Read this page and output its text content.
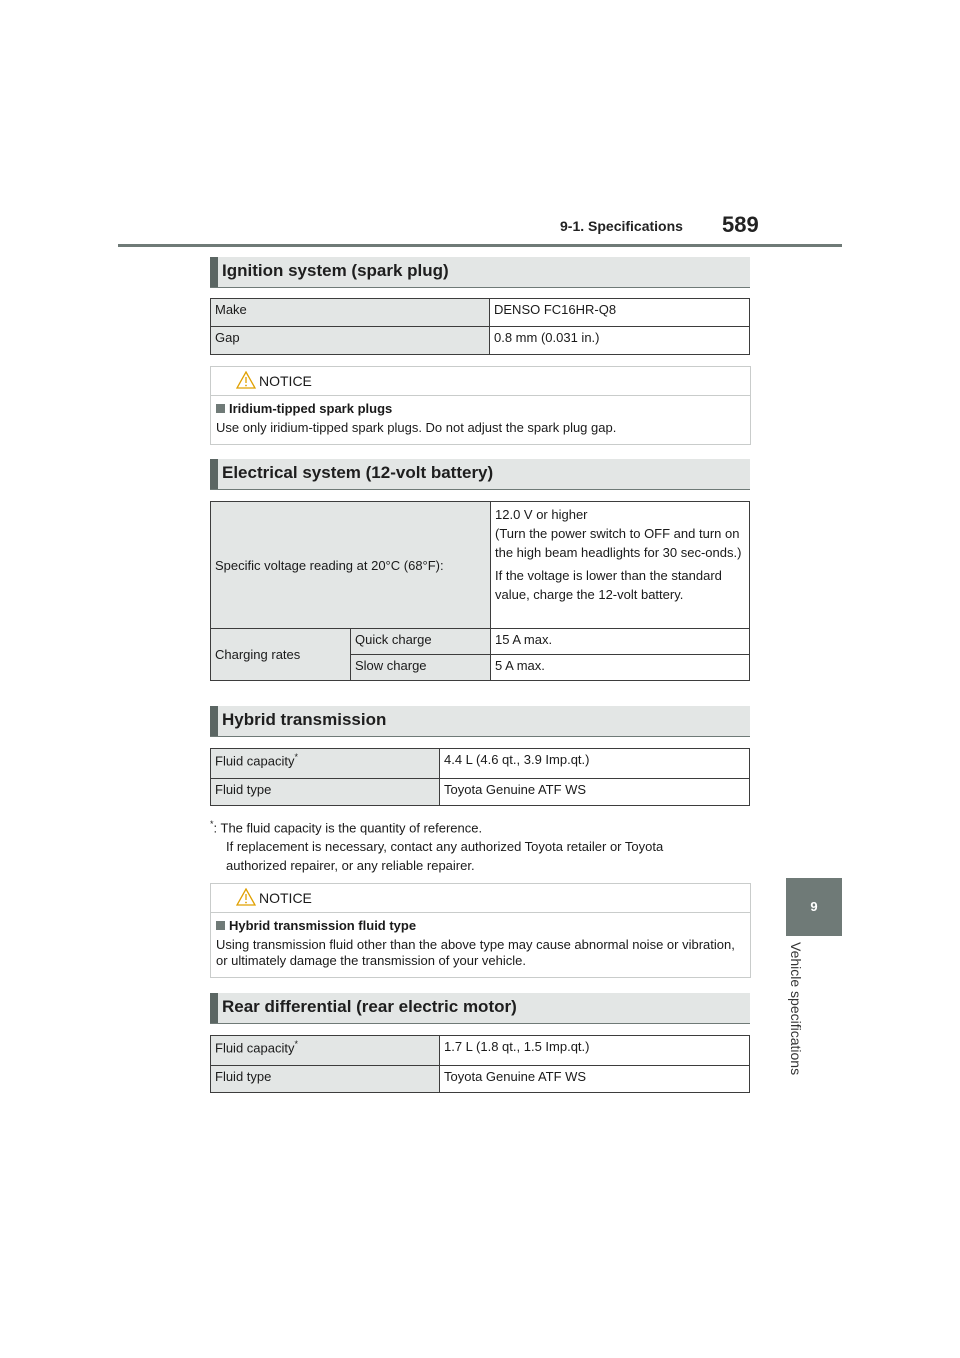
9-1. Specifications 589
9
Vehicle specifications
Ignition system (spark plug)
Make	DENSO FC16HR-Q8
Gap	0.8 mm (0.031 in.)
NOTICE
Iridium-tipped spark plugs
Use only iridium-tipped spark plugs. Do not adjust the spark plug gap.
Electrical system (12-volt battery)
Specific voltage reading at 20°C (68°F):		12.0 V or higher
(Turn the power switch to OFF and turn on the high beam headlights for 30 sec-onds.)
If the voltage is lower than the standard value, charge the 12-volt battery.

Charging rates	Quick charge	15 A max.
	Slow charge	5 A max.
Hybrid transmission
Fluid capacity*	4.4 L (4.6 qt., 3.9 Imp.qt.)
Fluid type	Toyota Genuine ATF WS
*: The fluid capacity is the quantity of reference.
If replacement is necessary, contact any authorized Toyota retailer or Toyota
authorized repairer, or any reliable repairer.
NOTICE
Hybrid transmission fluid type
Using transmission fluid other than the above type may cause abnormal noise or vibration, or ultimately damage the transmission of your vehicle.
Rear differential (rear electric motor)
Fluid capacity*	1.7 L (1.8 qt., 1.5 Imp.qt.)
Fluid type	Toyota Genuine ATF WS
